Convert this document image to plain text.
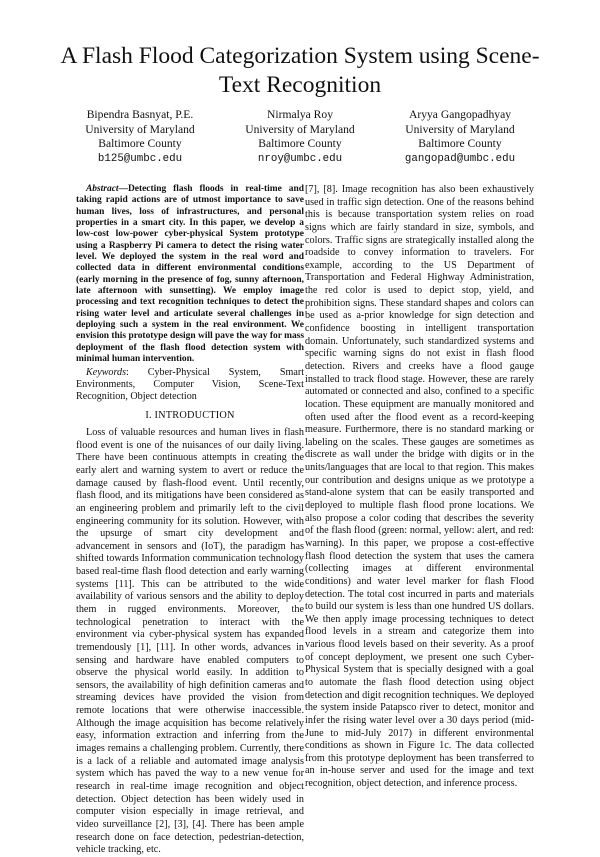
A Flash Flood Categorization System using Scene-Text Recognition
Bipendra Basnyat, P.E.
University of Maryland
Baltimore County
b125@umbc.edu
Nirmalya Roy
University of Maryland
Baltimore County
nroy@umbc.edu
Aryya Gangopadhyay
University of Maryland
Baltimore County
gangopad@umbc.edu

Abstract—Detecting flash floods in real-time and taking rapid actions are of utmost importance to save human lives, loss of infrastructures, and personal properties in a smart city. In this paper, we develop a low-cost low-power cyber-physical System prototype using a Raspberry Pi camera to detect the rising water level. We deployed the system in the real word and collected data in different environmental conditions (early morning in the presence of fog, sunny afternoon, late afternoon with sunsetting). We employ image processing and text recognition techniques to detect the rising water level and articulate several challenges in deploying such a system in the real environment. We envision this prototype design will pave the way for mass deployment of the flash flood detection system with minimal human intervention.

Keywords: Cyber-Physical System, Smart Environments, Computer Vision, Scene-Text Recognition, Object detection

I. INTRODUCTION

Loss of valuable resources and human lives in flash flood event is one of the nuisances of our daily living. There have been continuous attempts in creating the early alert and warning system to avert or reduce the damage caused by flash-flood event. Until recently, flash flood, and its mitigations have been considered as an engineering problem and primarily left to the civil engineering community for its solution. However, with the upsurge of smart city development and advancement in sensors and (IoT), the paradigm has shifted towards Information communication technology based real-time flash flood detection and early warning systems [11]. This can be attributed to the wide availability of various sensors and the ability to deploy them in rugged environments. Moreover, the technological penetration to interact with the environment via cyber-physical system has expanded tremendously [1], [11]. In other words, advances in sensing and hardware have enabled computers to observe the physical world easily. In addition to sensors, the availability of high definition cameras and streaming devices have provided the vision from remote locations that were otherwise inaccessible. Although the image acquisition has become relatively easy, information extraction and inferring from the images remains a challenging problem. Currently, there is a lack of a reliable and automated image analysis system which has paved the way to a new venue for research in real-time image recognition and object detection. Object detection has been widely used in computer vision especially in image retrieval, and video surveillance [2], [3], [4]. There has been ample research done on face detection, pedestrian-detection, vehicle tracking, etc.

[7], [8]. Image recognition has also been exhaustively used in traffic sign detection. One of the reasons behind this is because transportation system relies on road signs which are fairly standard in size, symbols, and colors. Traffic signs are strategically installed along the roadside to convey information to travelers. For example, according to the US Department of Transportation and Federal Highway Administration, the red color is used to depict stop, yield, and prohibition signs. These standard shapes and colors can be used as a-prior knowledge for sign detection and confidence boosting in intelligent transportation domain. Unfortunately, such standardized systems and specific warning signs do not exist in flash flood detection. Rivers and creeks have a flood gauge installed to track flood stage. However, these are rarely automated or connected and also, confined to a specific location. These equipment are manually monitored and often used after the flood event as a record-keeping measure. Furthermore, there is no standard marking or labeling on the scales. These gauges are sometimes as discrete as wall under the bridge with digits or in the units/languages that are local to that region. This makes our contribution and designs unique as we prototype a stand-alone system that can be easily transported and deployed to multiple flash flood prone locations. We also propose a color coding that describes the severity of the flash flood (green: normal, yellow: alert, and red: warning). In this paper, we propose a cost-effective flash flood detection the system that uses the camera (collecting images at different environmental conditions) and water level marker for flash Flood detection. The total cost incurred in parts and materials to build our system is less than one hundred US dollars. We then apply image processing techniques to detect flood levels in a stream and categorize them into various flood levels based on their severity. As a proof of concept deployment, we present one such Cyber-Physical System that is specially designed with a goal to automate the flash flood detection using object detection and digit recognition techniques. We deployed the system inside Patapsco river to detect, monitor and infer the rising water level over a 30 days period (mid-June to mid-July 2017) in different environmental conditions as shown in Figure 1c. The data collected from this prototype deployment has been transferred to an in-house server and used for the image and text recognition, object detection, and inference process.
